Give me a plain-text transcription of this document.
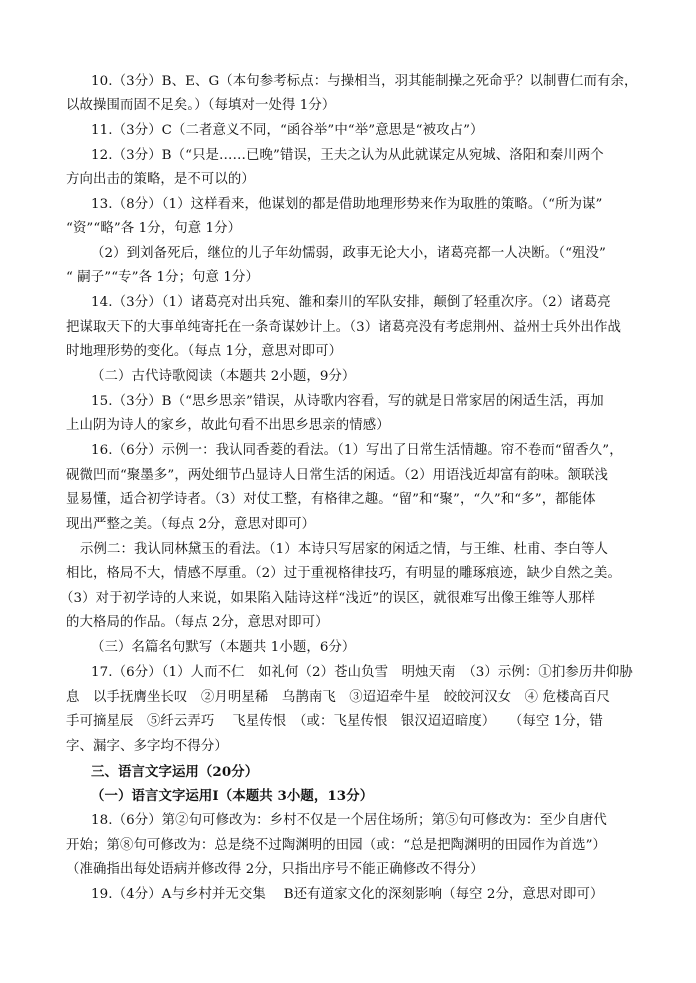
10.（3分）B、E、G（本句参考标点：与操相当，羽其能制操之死命乎？以制曹仁而有余，
以故操围而固不足矣。）（每填对一处得 1分）
11.（3分）C（二者意义不同，“函谷举”中“举”意思是“被攻占”）
12.（3分）B（“只是……已晚”错误，王夫之认为从此就谋定从宛城、洛阳和秦川两个
方向出击的策略，是不可以的）
13.（8分）（1）这样看来，他谋划的都是借助地理形势来作为取胜的策略。（“所为谋”
“资”“略”各 1分，句意 1分）
（2）到刘备死后，继位的儿子年幼懦弱，政事无论大小，诸葛亮都一人决断。（“殂没”
“ 嗣子”“专”各 1分；句意 1分）
14.（3分）（1）诸葛亮对出兵宛、雒和秦川的军队安排，颠倒了轻重次序。（2）诸葛亮
把谋取天下的大事单纯寄托在一条奇谋妙计上。（3）诸葛亮没有考虑荆州、益州士兵外出作战
时地理形势的变化。（每点 1分，意思对即可）
（二）古代诗歌阅读（本题共 2小题，9分）
15.（3分）B（“思乡思亲”错误，从诗歌内容看，写的就是日常家居的闲适生活，再加
上山阴为诗人的家乡，故此句看不出思乡思亲的情感）
16.（6分）示例一：我认同香菱的看法。（1）写出了日常生活情趣。帘不卷而“留香久”，
砚微凹而“聚墨多”，两处细节凸显诗人日常生活的闲适。（2）用语浅近却富有韵味。颔联浅
显易懂，适合初学诗者。（3）对仗工整，有格律之趣。“留”和“聚”，“久”和“多”，都能体
现出严整之美。（每点 2分，意思对即可）
示例二：我认同林黛玉的看法。（1）本诗只写居家的闲适之情，与王维、杜甫、李白等人
相比，格局不大，情感不厚重。（2）过于重视格律技巧，有明显的雕琢痕迹，缺少自然之美。
（3）对于初学诗的人来说，如果陷入陆诗这样“浅近”的误区，就很难写出像王维等人那样
的大格局的作品。（每点 2分，意思对即可）
（三）名篇名句默写（本题共 1小题，6分）
17.（6分）（1）人而不仁　如礼何（2）苍山负雪　明烛天南　（3）示例：①扪参历井仰胁
息　以手抚膺坐长叹　②月明星稀　乌鹊南飞　③迢迢牵牛星　皎皎河汉女　④ 危楼高百尺
手可摘星辰　⑤纤云弄巧　 飞星传恨　（或：飞星传恨　银汉迢迢暗度）　　（每空 1分，错
字、漏字、多字均不得分）
三、语言文字运用（20分）
（一）语言文字运用Ⅰ（本题共 3小题，13分）
18.（6分）第②句可修改为：乡村不仅是一个居住场所；第⑤句可修改为：至少自唐代
开始；第⑧句可修改为：总是绕不过陶渊明的田园（或：“总是把陶渊明的田园作为首选”）
（准确指出每处语病并修改得 2分，只指出序号不能正确修改不得分）
19.（4分）A与乡村并无交集　 B还有道家文化的深刻影响（每空 2分，意思对即可）
